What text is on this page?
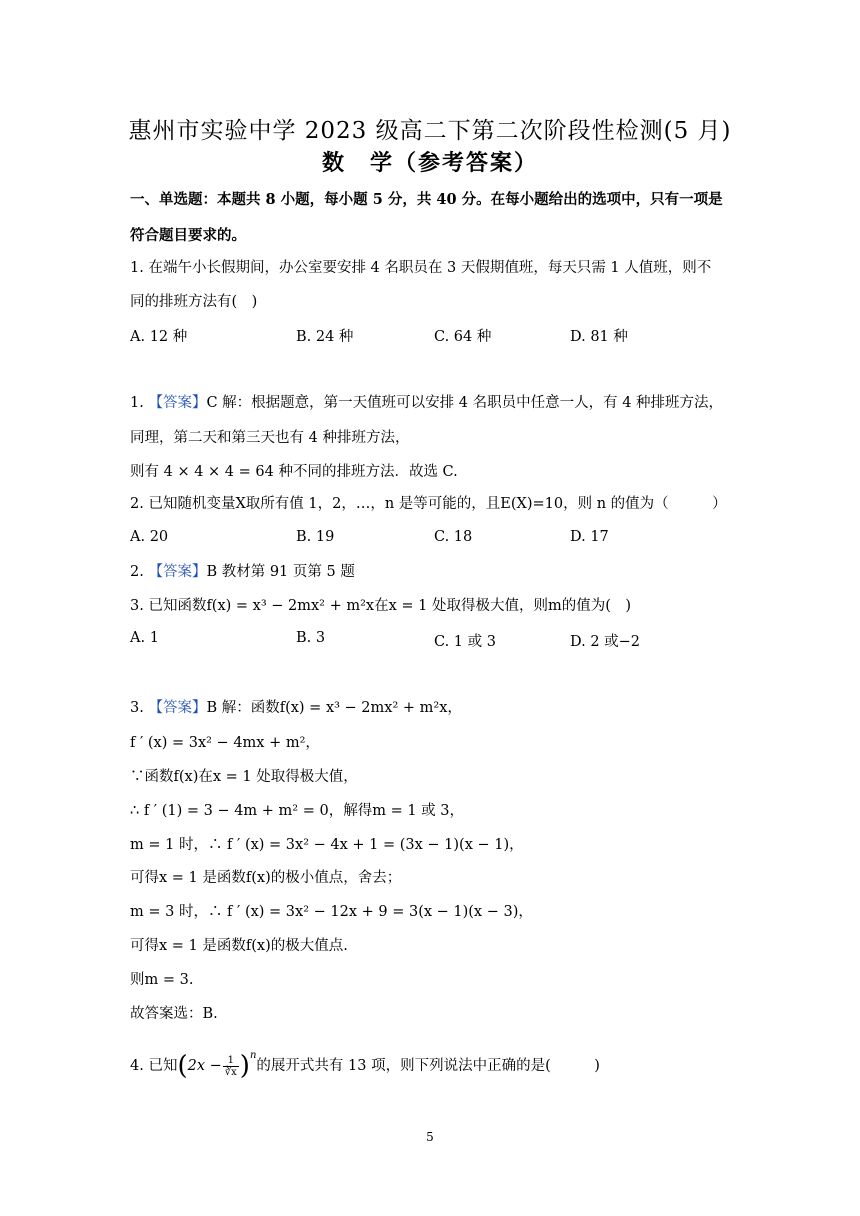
惠州市实验中学 2023 级高二下第二次阶段性检测(5 月)
数　学（参考答案）
一、单选题：本题共 8 小题，每小题 5 分，共 40 分。在每小题给出的选项中，只有一项是
符合题目要求的。
1. 在端午小长假期间，办公室要安排 4 名职员在 3 天假期值班，每天只需 1 人值班，则不
同的排班方法有(　)
A. 12 种	B. 24 种	C. 64 种	D. 81 种
1. 【答案】C 解：根据题意，第一天值班可以安排 4 名职员中任意一人，有 4 种排班方法，
同理，第二天和第三天也有 4 种排班方法，
则有 4 × 4 × 4 = 64 种不同的排班方法．故选 C.
2. 已知随机变量X取所有值 1，2，…，n 是等可能的，且E(X)=10，则 n 的值为（　　　）
A. 20	B. 19	C. 18	D. 17
2. 【答案】B 教材第 91 页第 5 题
3. 已知函数f(x) = x³ − 2mx² + m²x在x = 1 处取得极大值，则m的值为(　)
A. 1	B. 3	C. 1 或 3	D. 2 或−2
3. 【答案】B 解：函数f(x) = x³ − 2mx² + m²x，
f ′ (x) = 3x² − 4mx + m²，
∵函数f(x)在x = 1 处取得极大值，
∴ f ′ (1) = 3 − 4m + m² = 0，解得m = 1 或 3，
m = 1 时，∴ f ′ (x) = 3x² − 4x + 1 = (3x − 1)(x − 1)，
可得x = 1 是函数f(x)的极小值点，舍去；
m = 3 时，∴ f ′ (x) = 3x² − 12x + 9 = 3(x − 1)(x − 3)，
可得x = 1 是函数f(x)的极大值点.
则m = 3.
故答案选：B.
4. 已知$(2x - \frac{1}{∛x} )^n$的展开式共有 13 项，则下列说法中正确的是(　　　)
5
